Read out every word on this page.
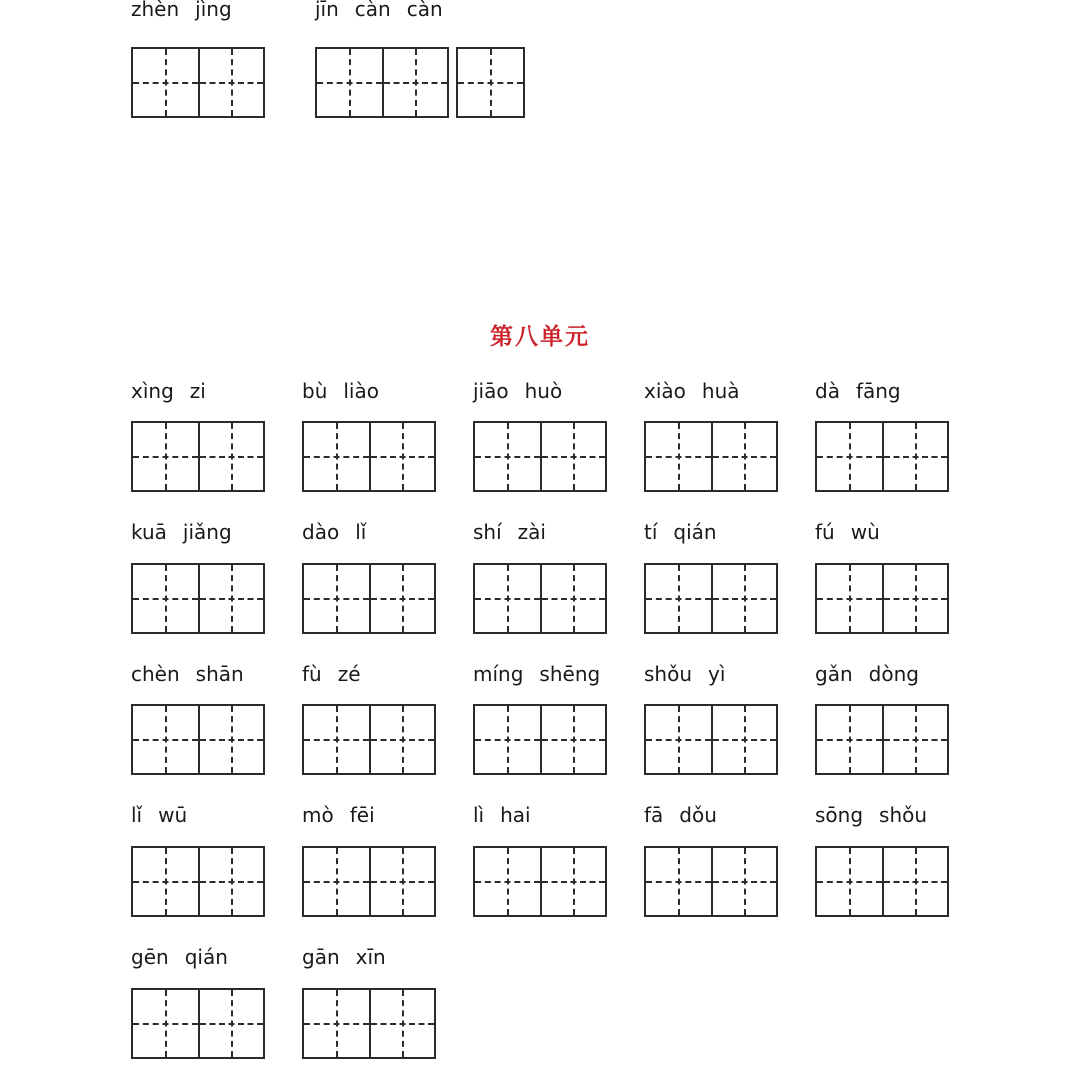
zhèn jìng	jīn càn càn
第八单元
xìng zi	bù liào	jiāo huò	xiào huà	dà fāng
kuā jiǎng	dào lǐ	shí zài	tí qián	fú wù
chèn shān	fù zé	míng shēng	shǒu yì	gǎn dòng
lǐ wū	mò fēi	lì hai	fā dǒu	sōng shǒu
gēn qián	gān xīn
